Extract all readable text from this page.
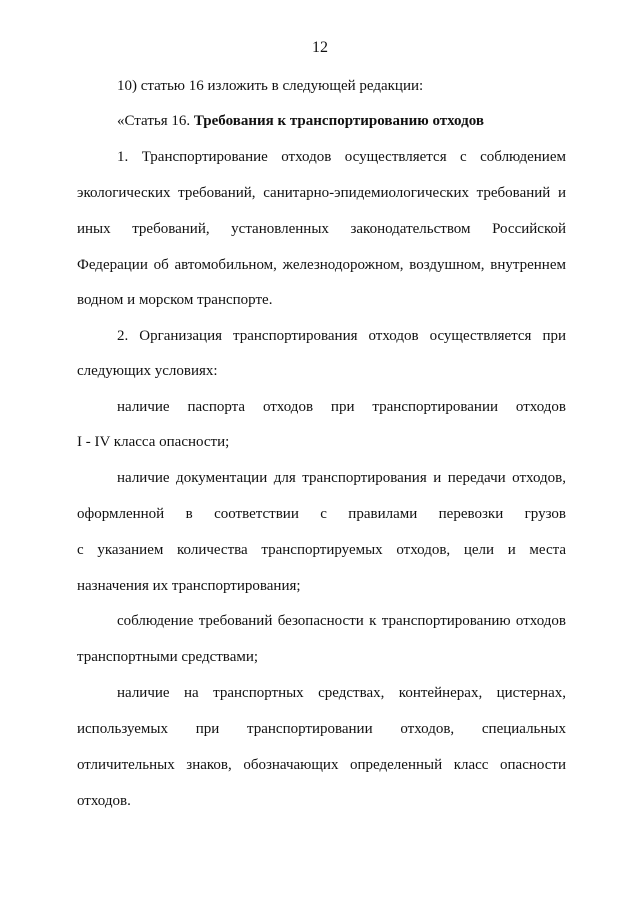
12
10) статью 16 изложить в следующей редакции:
«Статья 16. Требования к транспортированию отходов
1. Транспортирование отходов осуществляется с соблюдением
экологических требований, санитарно-эпидемиологических требований и
иных требований, установленных законодательством Российской
Федерации об автомобильном, железнодорожном, воздушном, внутреннем
водном и морском транспорте.
2. Организация транспортирования отходов осуществляется при
следующих условиях:
наличие паспорта отходов при транспортировании отходов
I - IV класса опасности;
наличие документации для транспортирования и передачи отходов,
оформленной в соответствии с правилами перевозки грузов
с указанием количества транспортируемых отходов, цели и места
назначения их транспортирования;
соблюдение требований безопасности к транспортированию отходов
транспортными средствами;
наличие на транспортных средствах, контейнерах, цистернах,
используемых при транспортировании отходов, специальных
отличительных знаков, обозначающих определенный класс опасности
отходов.
